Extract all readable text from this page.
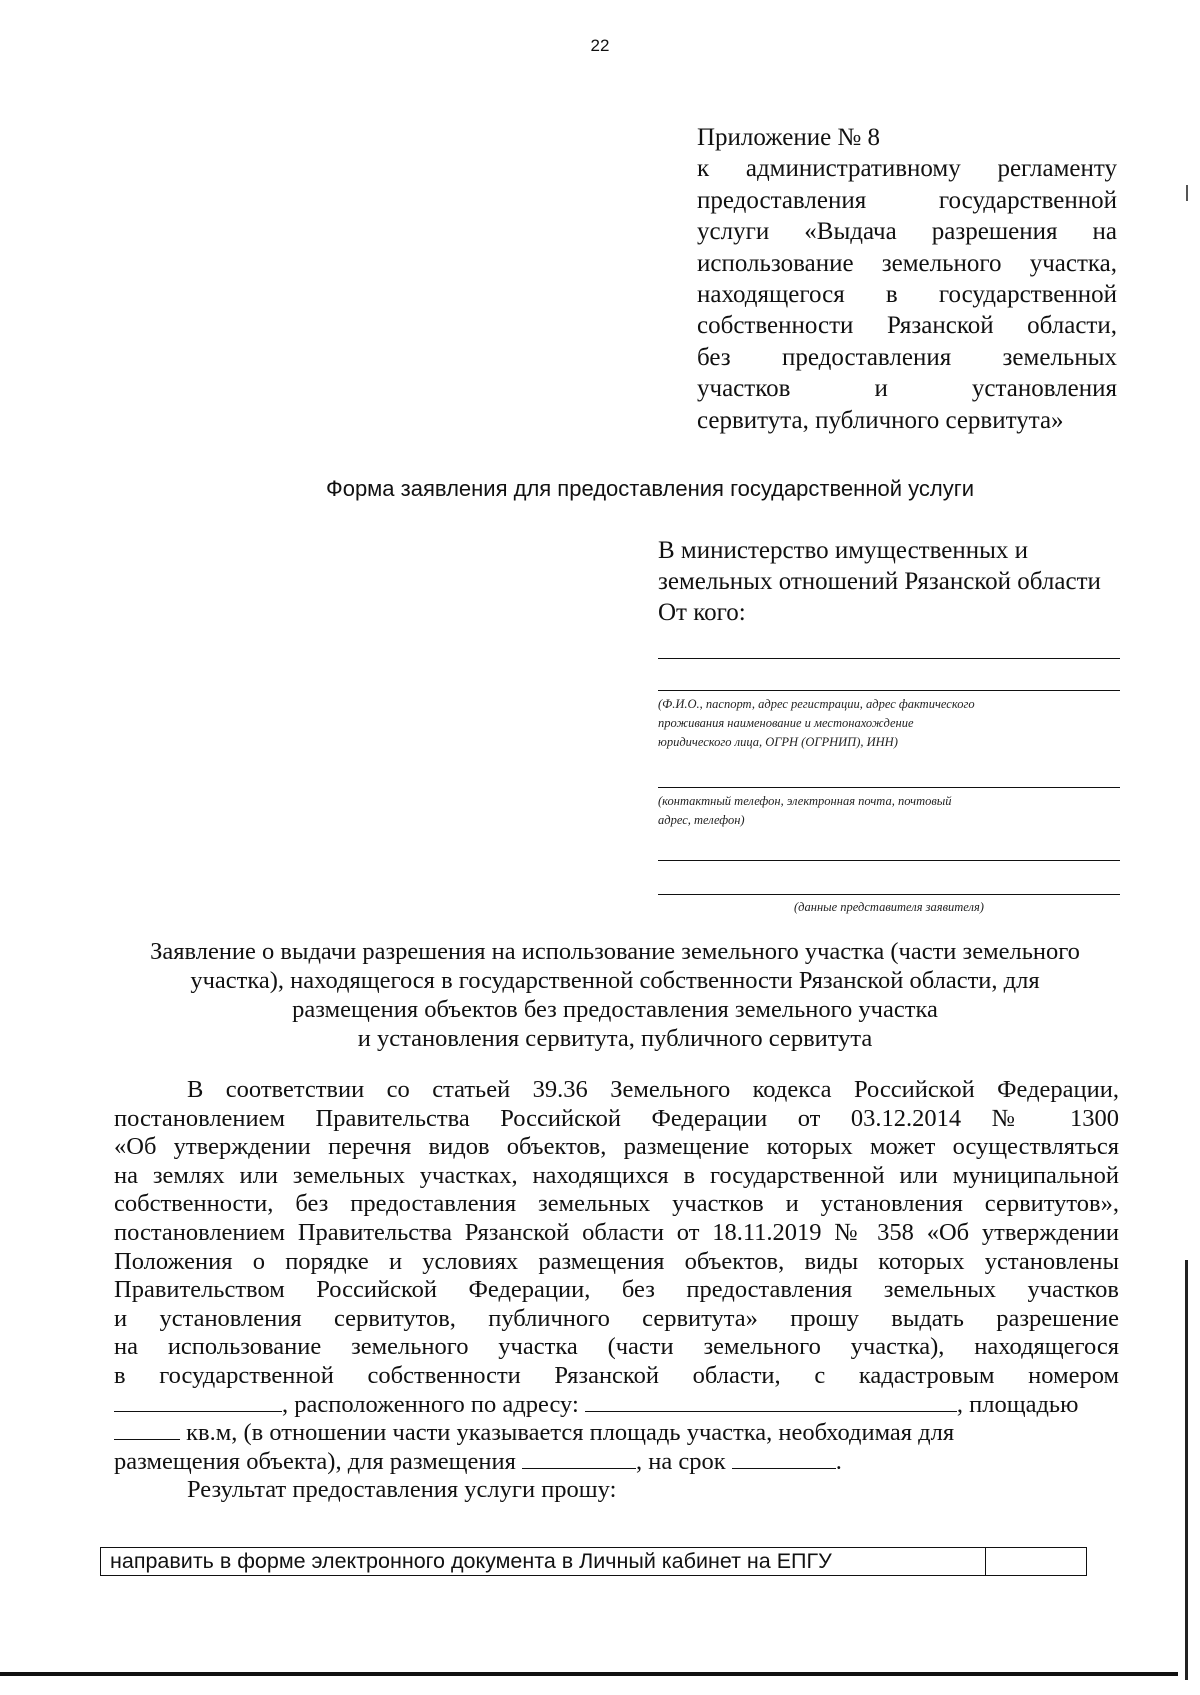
22
Приложение № 8
к административному регламенту
предоставления государственной
услуги «Выдача разрешения на
использование земельного участка,
находящегося в государственной
собственности Рязанской области,
без предоставления земельных
участков и установления
сервитута, публичного сервитута»
Форма заявления для предоставления государственной услуги
В министерство имущественных и
земельных отношений Рязанской области
От кого:
(Ф.И.О., паспорт, адрес регистрации, адрес фактического
проживания наименование и местонахождение
юридического лица, ОГРН (ОГРНИП), ИНН)
(контактный телефон, электронная почта, почтовый
адрес, телефон)
(данные представителя заявителя)
Заявление о выдачи разрешения на использование земельного участка (части земельного
участка), находящегося в государственной собственности Рязанской области, для
размещения объектов без предоставления земельного участка
и установления сервитута, публичного сервитута
В соответствии со статьей 39.36 Земельного кодекса Российской Федерации,
постановлением Правительства Российской Федерации от 03.12.2014 № 1300
«Об утверждении перечня видов объектов, размещение которых может осуществляться
на землях или земельных участках, находящихся в государственной или муниципальной
собственности, без предоставления земельных участков и установления сервитутов»,
постановлением Правительства Рязанской области от 18.11.2019 № 358 «Об утверждении
Положения о порядке и условиях размещения объектов, виды которых установлены
Правительством Российской Федерации, без предоставления земельных участков
и установления сервитутов, публичного сервитута» прошу выдать разрешение
на использование земельного участка (части земельного участка), находящегося
в государственной собственности Рязанской области, с кадастровым номером
, расположенного по адресу:	, площадью
кв.м, (в отношении части указывается площадь участка, необходимая для
размещения объекта), для размещения	, на срок	.
Результат предоставления услуги прошу:
направить в форме электронного документа в Личный кабинет на ЕПГУ
